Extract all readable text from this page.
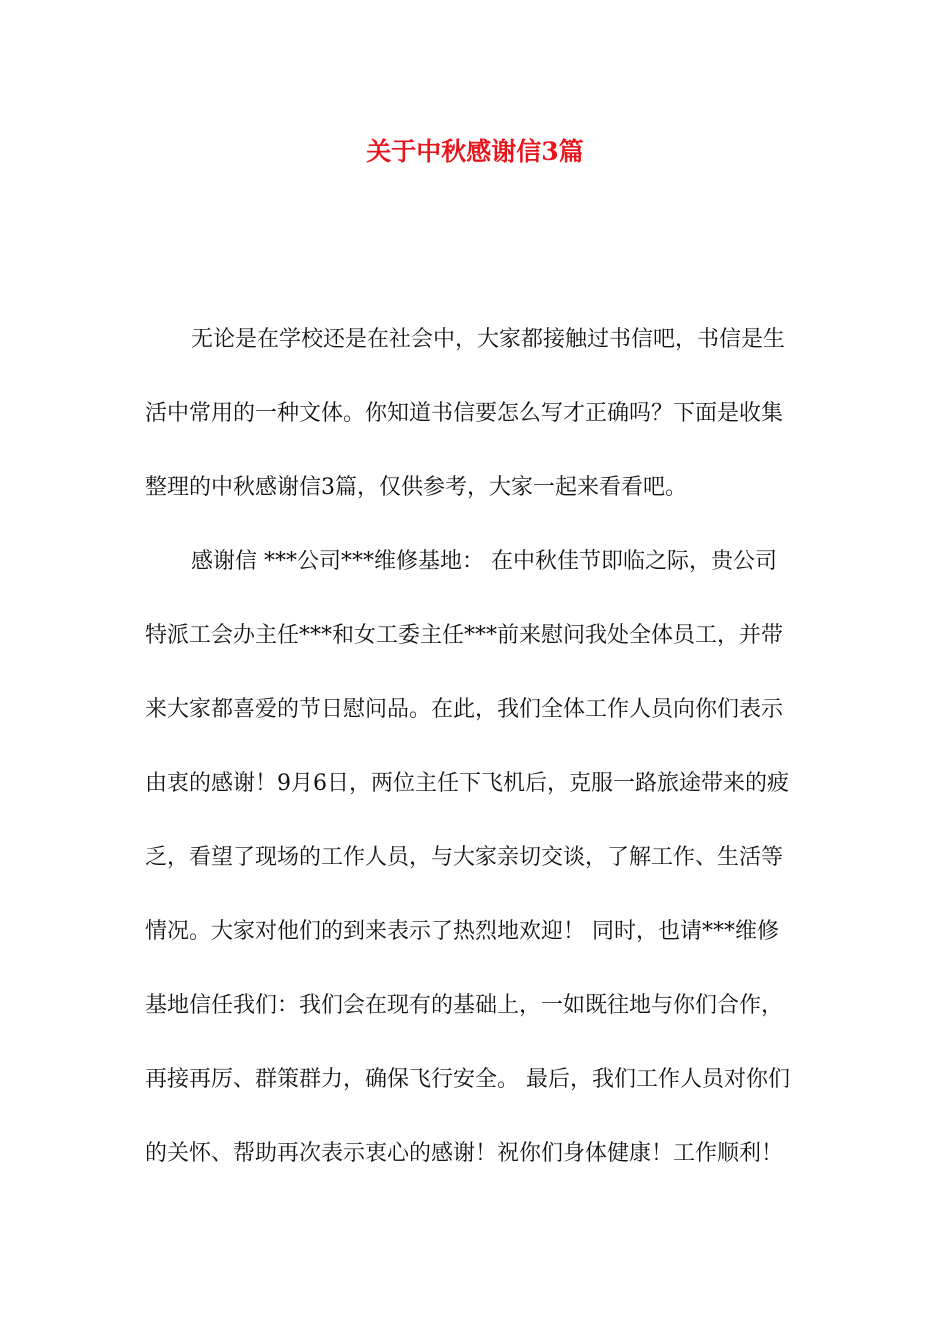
关于中秋感谢信3篇
无论是在学校还是在社会中，大家都接触过书信吧，书信是生
活中常用的一种文体。你知道书信要怎么写才正确吗？下面是收集
整理的中秋感谢信3篇，仅供参考，大家一起来看看吧。
感谢信 ***公司***维修基地： 在中秋佳节即临之际，贵公司
特派工会办主任***和女工委主任***前来慰问我处全体员工，并带
来大家都喜爱的节日慰问品。在此，我们全体工作人员向你们表示
由衷的感谢！9月6日，两位主任下飞机后，克服一路旅途带来的疲
乏，看望了现场的工作人员，与大家亲切交谈，了解工作、生活等
情况。大家对他们的到来表示了热烈地欢迎！ 同时，也请***维修
基地信任我们：我们会在现有的基础上，一如既往地与你们合作，
再接再厉、群策群力，确保飞行安全。 最后，我们工作人员对你们
的关怀、帮助再次表示衷心的感谢！祝你们身体健康！工作顺利！
